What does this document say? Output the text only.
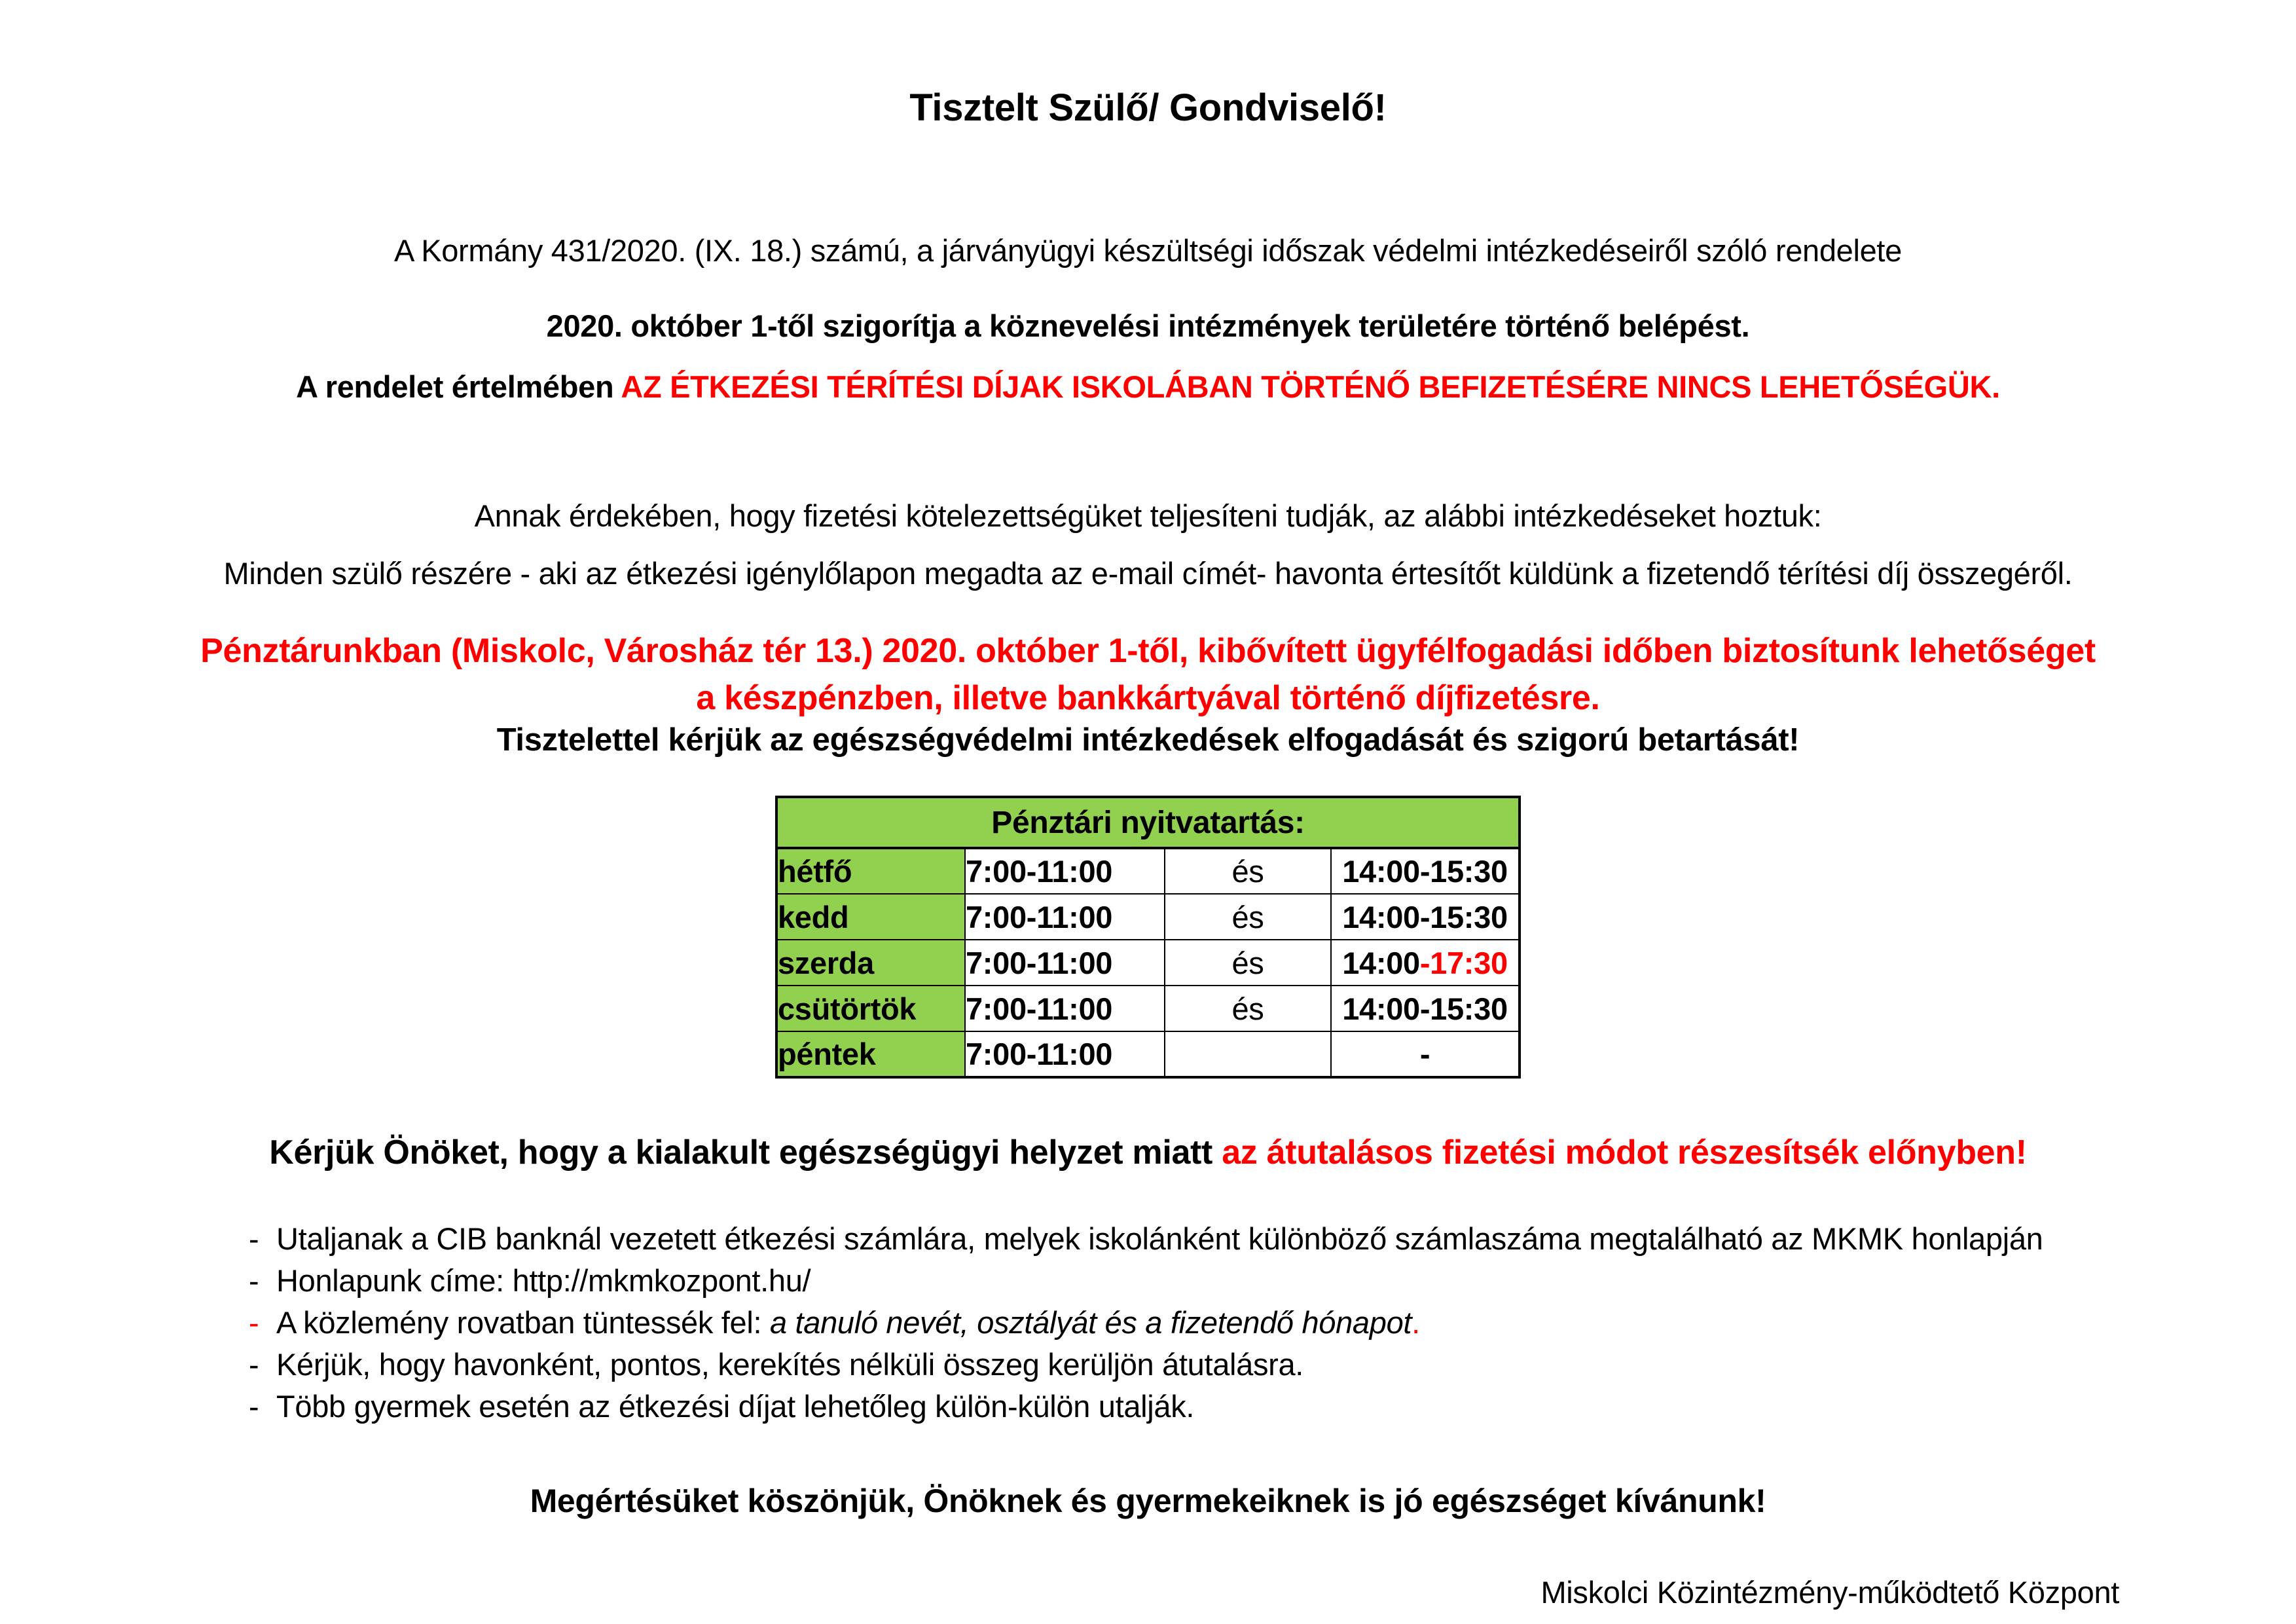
Tisztelt Szülő/ Gondviselő!
A Kormány 431/2020. (IX. 18.) számú, a járványügyi készültségi időszak védelmi intézkedéseiről szóló rendelete
2020. október 1-től szigorítja a köznevelési intézmények területére történő belépést.
A rendelet értelmében AZ ÉTKEZÉSI TÉRÍTÉSI DÍJAK ISKOLÁBAN TÖRTÉNŐ BEFIZETÉSÉRE NINCS LEHETŐSÉGÜK.
Annak érdekében, hogy fizetési kötelezettségüket teljesíteni tudják, az alábbi intézkedéseket hoztuk:
Minden szülő részére - aki az étkezési igénylőlapon megadta az e-mail címét- havonta értesítőt küldünk a fizetendő térítési díj összegéről.
Pénztárunkban (Miskolc, Városház tér 13.) 2020. október 1-től, kibővített ügyfélfogadási időben biztosítunk lehetőséget
a készpénzben, illetve bankkártyával történő díjfizetésre.
Tisztelettel kérjük az egészségvédelmi intézkedések elfogadását és szigorú betartását!
Pénztári nyitvatartás:			
hétfő	7:00-11:00	és	14:00-15:30
kedd	7:00-11:00	és	14:00-15:30
szerda	7:00-11:00	és	14:00-17:30
csütörtök	7:00-11:00	és	14:00-15:30
péntek	7:00-11:00		-
Kérjük Önöket, hogy a kialakult egészségügyi helyzet miatt az átutalásos fizetési módot részesítsék előnyben!
- Utaljanak a CIB banknál vezetett étkezési számlára, melyek iskolánként különböző számlaszáma megtalálható az MKMK honlapján
- Honlapunk címe: http://mkmkozpont.hu/
- A közlemény rovatban tüntessék fel: a tanuló nevét, osztályát és a fizetendő hónapot.
- Kérjük, hogy havonként, pontos, kerekítés nélküli összeg kerüljön átutalásra.
- Több gyermek esetén az étkezési díjat lehetőleg külön-külön utalják.
Megértésüket köszönjük, Önöknek és gyermekeiknek is jó egészséget kívánunk!
Miskolci Közintézmény-működtető Központ
